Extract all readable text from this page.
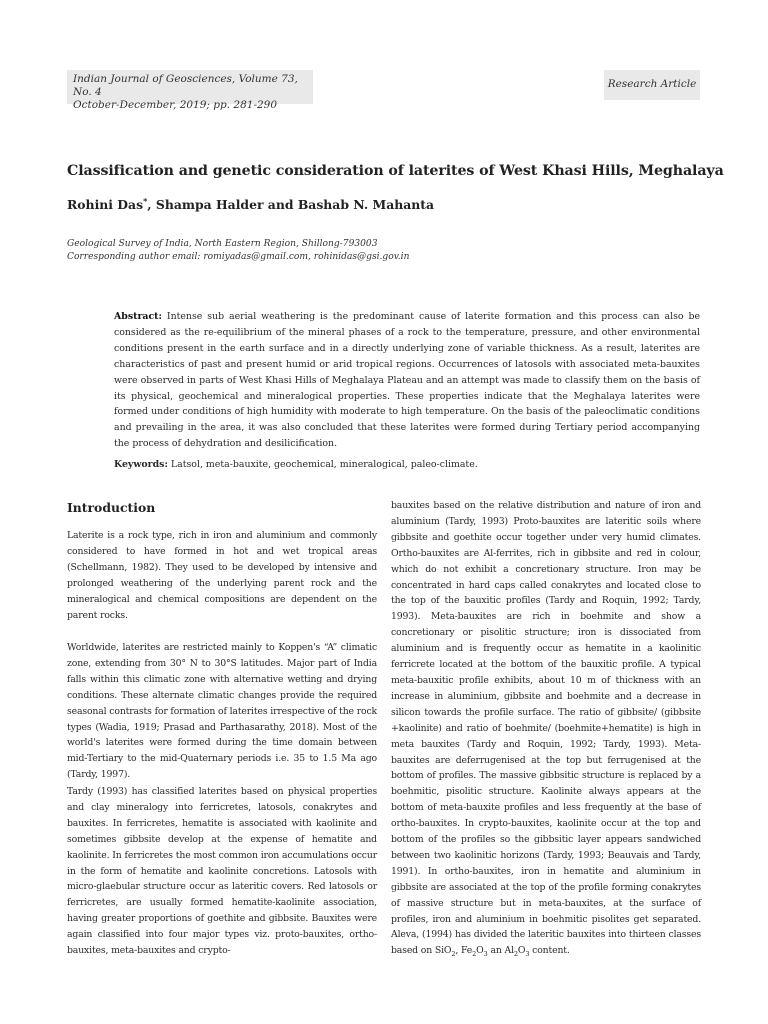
Indian Journal of Geosciences, Volume 73, No. 4
October-December, 2019; pp. 281-290
Research Article
Classification and genetic consideration of laterites of West Khasi Hills, Meghalaya
Rohini Das*, Shampa Halder and Bashab N. Mahanta
Geological Survey of India, North Eastern Region, Shillong-793003
Corresponding author email: romiyadas@gmail.com, rohinidas@gsi.gov.in
Abstract: Intense sub aerial weathering is the predominant cause of laterite formation and this process can also be considered as the re-equilibrium of the mineral phases of a rock to the temperature, pressure, and other environmental conditions present in the earth surface and in a directly underlying zone of variable thickness. As a result, laterites are characteristics of past and present humid or arid tropical regions. Occurrences of latosols with associated meta-bauxites were observed in parts of West Khasi Hills of Meghalaya Plateau and an attempt was made to classify them on the basis of its physical, geochemical and mineralogical properties. These properties indicate that the Meghalaya laterites were formed under conditions of high humidity with moderate to high temperature. On the basis of the paleoclimatic conditions and prevailing in the area, it was also concluded that these laterites were formed during Tertiary period accompanying the process of dehydration and desilicification.
Keywords: Latsol, meta-bauxite, geochemical, mineralogical, paleo-climate.
Introduction

Laterite is a rock type, rich in iron and aluminium and commonly considered to have formed in hot and wet tropical areas (Schellmann, 1982). They used to be developed by intensive and prolonged weathering of the underlying parent rock and the mineralogical and chemical compositions are dependent on the parent rocks.

Worldwide, laterites are restricted mainly to Koppen's “A” climatic zone, extending from 30° N to 30°S latitudes. Major part of India falls within this climatic zone with alternative wetting and drying conditions. These alternate climatic changes provide the required seasonal contrasts for formation of laterites irrespective of the rock types (Wadia, 1919; Prasad and Parthasarathy, 2018). Most of the world's laterites were formed during the time domain between mid-Tertiary to the mid-Quaternary periods i.e. 35 to 1.5 Ma ago (Tardy, 1997).

Tardy (1993) has classified laterites based on physical properties and clay mineralogy into ferricretes, latosols, conakrytes and bauxites. In ferricretes, hematite is associated with kaolinite and sometimes gibbsite develop at the expense of hematite and kaolinite. In ferricretes the most common iron accumulations occur in the form of hematite and kaolinite concretions. Latosols with micro-glaebular structure occur as lateritic covers. Red latosols or ferricretes, are usually formed hematite-kaolinite association, having greater proportions of goethite and gibbsite. Bauxites were again classified into four major types viz. proto-bauxites, ortho-bauxites, meta-bauxites and crypto-

bauxites based on the relative distribution and nature of iron and aluminium (Tardy, 1993) Proto-bauxites are lateritic soils where gibbsite and goethite occur together under very humid climates. Ortho-bauxites are Al-ferrites, rich in gibbsite and red in colour, which do not exhibit a concretionary structure. Iron may be concentrated in hard caps called conakrytes and located close to the top of the bauxitic profiles (Tardy and Roquin, 1992; Tardy, 1993). Meta-bauxites are rich in boehmite and show a concretionary or pisolitic structure; iron is dissociated from aluminium and is frequently occur as hematite in a kaolinitic ferricrete located at the bottom of the bauxitic profile. A typical meta-bauxitic profile exhibits, about 10 m of thickness with an increase in aluminium, gibbsite and boehmite and a decrease in silicon towards the profile surface. The ratio of gibbsite/ (gibbsite +kaolinite) and ratio of boehmite/ (boehmite+hematite) is high in meta bauxites (Tardy and Roquin, 1992; Tardy, 1993). Meta-bauxites are deferrugenised at the top but ferrugenised at the bottom of profiles. The massive gibbsitic structure is replaced by a boehmitic, pisolitic structure. Kaolinite always appears at the bottom of meta-bauxite profiles and less frequently at the base of ortho-bauxites. In crypto-bauxites, kaolinite occur at the top and bottom of the profiles so the gibbsitic layer appears sandwiched between two kaolinitic horizons (Tardy, 1993; Beauvais and Tardy, 1991). In ortho-bauxites, iron in hematite and aluminium in gibbsite are associated at the top of the profile forming conakrytes of massive structure but in meta-bauxites, at the surface of profiles, iron and aluminium in boehmitic pisolites get separated. Aleva, (1994) has divided the lateritic bauxites into thirteen classes based on SiO$_2$, $Fe_2O_3$ an $Al_2O_3$ content.
